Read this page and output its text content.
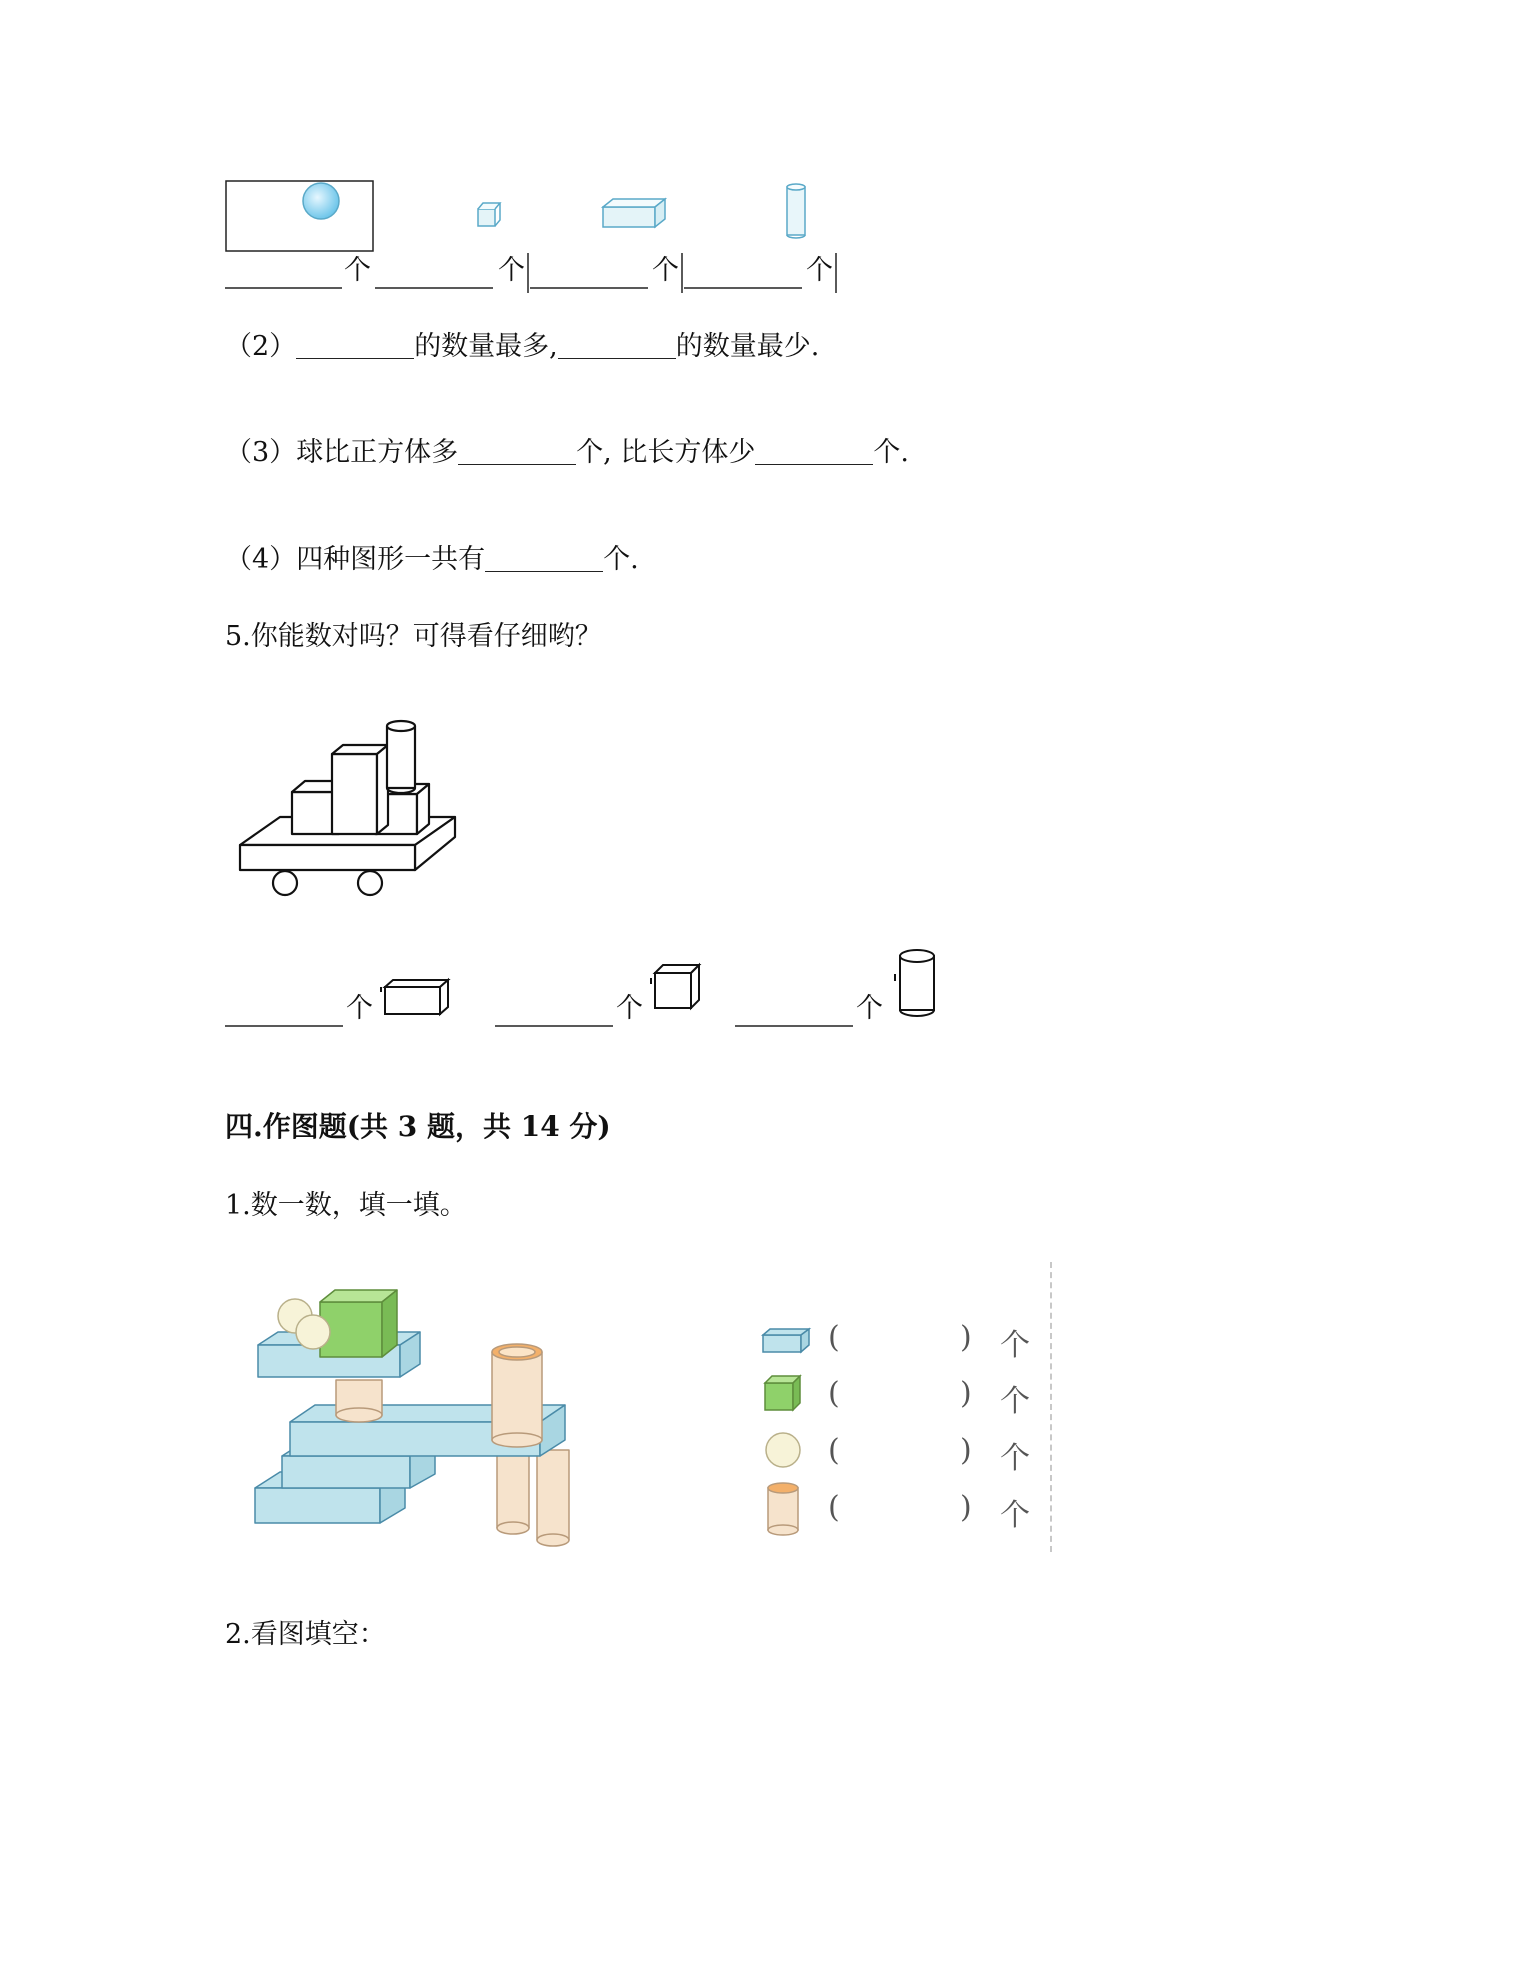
个	个	个	个
（2）	的数量最多,	的数量最少.
（3）球比正方体多	个, 比长方体少	个.
（4）四种图形一共有	个.
5.你能数对吗？可得看仔细哟？
个	个	个
四.作图题(共 3 题，共 14 分)
1.数一数，填一填。
(	) 个
(	) 个
(	) 个
(	) 个
2.看图填空：
